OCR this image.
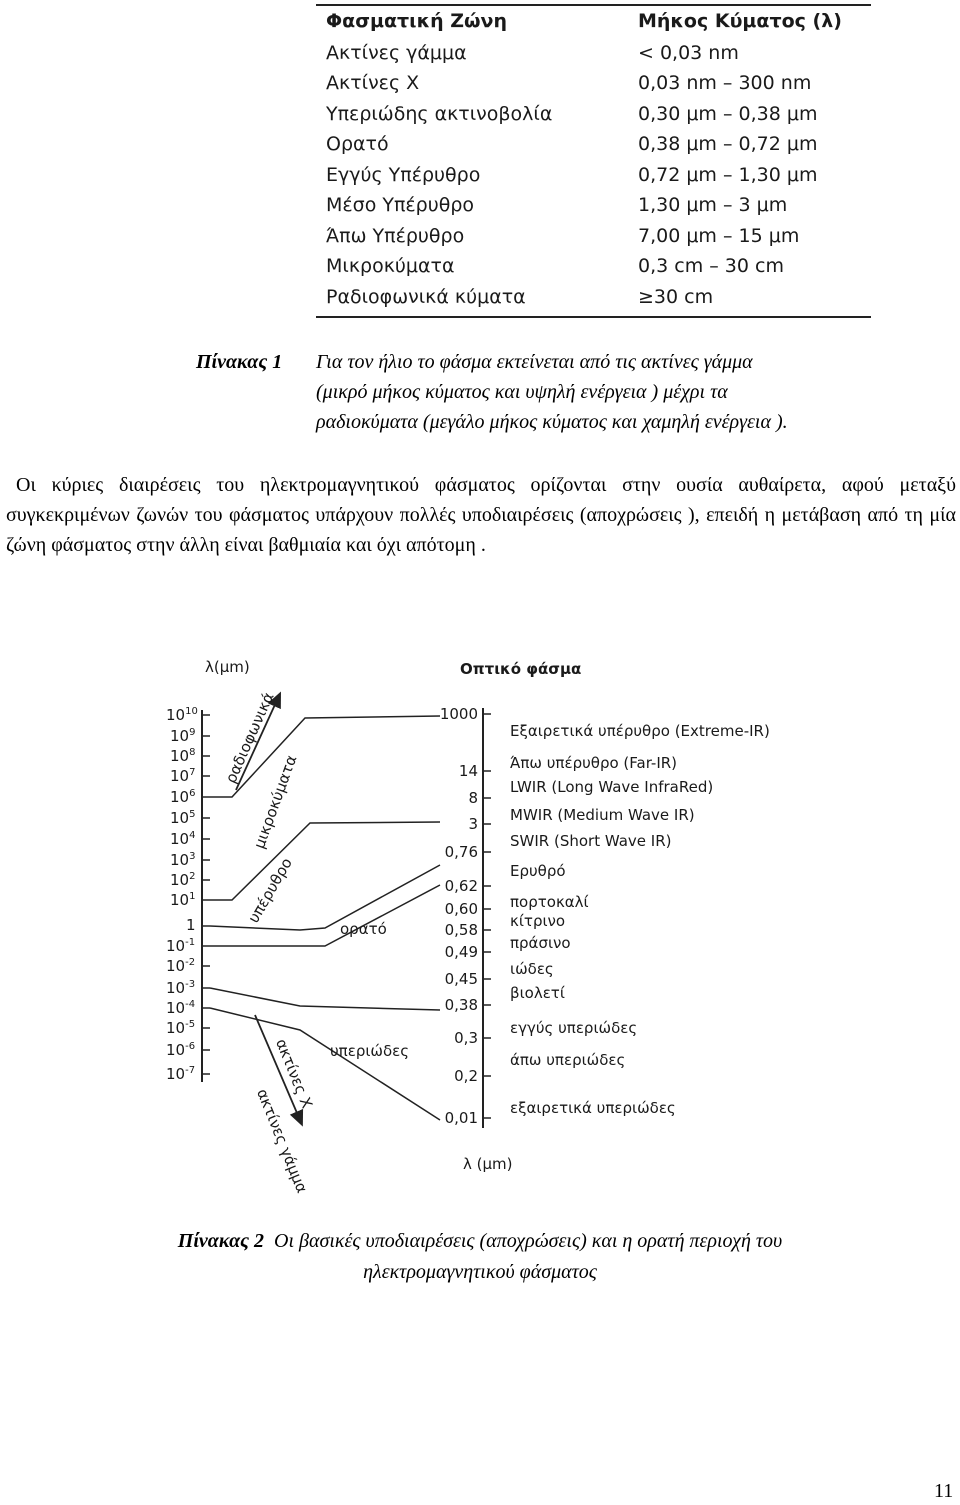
Φασματική Ζώνη	Μήκος Κύματος (λ)
Ακτίνες γάμμα	< 0,03 nm
Ακτίνες X	0,03 nm – 300 nm
Υπεριώδης ακτινοβολία	0,30 μm – 0,38 μm
Ορατό	0,38 μm – 0,72 μm
Εγγύς Υπέρυθρο	0,72 μm – 1,30 μm
Μέσο Υπέρυθρο	1,30 μm – 3 μm
Άπω Υπέρυθρο	7,00 μm – 15 μm
Μικροκύματα	0,3 cm – 30 cm
Ραδιοφωνικά κύματα	≥30 cm
Πίνακας 1 Για τον ήλιο το φάσμα εκτείνεται από τις ακτίνες γάμμα
(μικρό μήκος κύματος και υψηλή ενέργεια ) μέχρι τα
ραδιοκύματα (μεγάλο μήκος κύματος και χαμηλή ενέργεια ).
Οι κύριες διαιρέσεις του ηλεκτρομαγνητικού φάσματος ορίζονται στην ουσία αυθαίρετα, αφού μεταξύ συγκεκριμένων ζωνών του φάσματος υπάρχουν πολλές υποδιαιρέσεις (αποχρώσεις ), επειδή η μετάβαση από τη μία ζώνη φάσματος στην άλλη είναι βαθμιαία και όχι απότομη .
λ(μm)
$10^{10}$
$10^9$
$10^8$
$10^7$
$10^6$
$10^5$
$10^4$
$10^3$
$10^2$
$10^1$
1
$10^{-1}$
$10^{-2}$
$10^{-3}$
$10^{-4}$
$10^{-5}$
$10^{-6}$
$10^{-7}$
ραδιοφωνικά
μικροκύματα
υπέρυθρο
ακτίνες X
ακτίνες γάμμα
ορατό
υπεριώδες
Οπτικό φάσμα
1000
14
8
3
0,76
0,62
0,60
0,58
0,49
0,45
0,38
0,3
0,2
0,01
Εξαιρετικά υπέρυθρο (Extreme-IR)
Άπω υπέρυθρο (Far-IR)
LWIR (Long Wave InfraRed)
MWIR (Medium Wave IR)
SWIR (Short Wave IR)
Ερυθρό
πορτοκαλί
κίτρινο
πράσινο
ιώδες
βιολετί
εγγύς υπεριώδες
άπω υπεριώδες
εξαιρετικά υπεριώδες
λ (μm)
Πίνακας 2 Οι βασικές υποδιαιρέσεις (αποχρώσεις) και η ορατή περιοχή του
ηλεκτρομαγνητικού φάσματος
11
